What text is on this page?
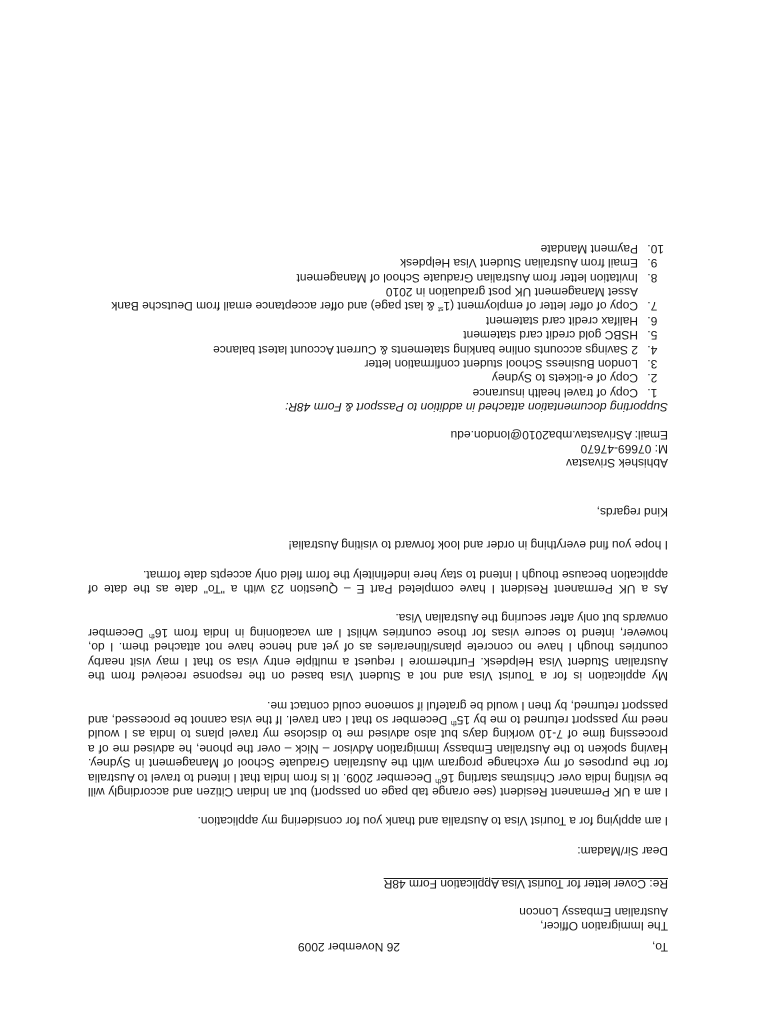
To,
26 November 2009
The Immigration Officer,
Australian Embassy Loncon
Re: Cover letter for Tourist Visa Application Form 48R
Dear Sir/Madam:
I am applying for a Tourist Visa to Australia and thank you for considering my application.
I am a UK Permanent Resident (see orange tab page on passport) but an Indian Citizen and accordingly will be visiting India over Christmas starting 16th December 2009. It is from India that I intend to travel to Australia for the purposes of my exchange program with the Australian Graduate School of Management in Sydney. Having spoken to the Australian Embassy Immigration Advisor – Nick – over the phone, he advised me of a processing time of 7-10 working days but also advised me to disclose my travel plans to India as I would need my passport returned to me by 15th December so that I can travel. If the visa cannot be processed, and passport returned, by then I would be grateful if someone could contact me.
My application is for a Tourist Visa and not a Student Visa based on the response received from the Australian Student Visa Helpdesk. Furthermore I request a multiple entry visa so that I may visit nearby countries though I have no concrete plans/itineraries as of yet and hence have not attached them. I do, however, intend to secure visas for those countries whilst I am vacationing in India from 16th December onwards but only after securing the Australian Visa.
As a UK Permanent Resident I have completed Part E – Question 23 with a "To" date as the date of application because though I intend to stay here indefinitely the form field only accepts date format.
I hope you find everything in order and look forward to visiting Australia!
Kind regards,
Abhishek Srivastav
M: 07669-47670
Email: ASrivastav.mba2010@london.edu
Supporting documentation attached in addition to Passport & Form 48R:
1. Copy of travel health insurance
2. Copy of e-tickets to Sydney
3. London Business School student confirmation letter
4. 2 Savings accounts online banking statements & Current Account latest balance
5. HSBC gold credit card statement
6. Halifax credit card statement
7. Copy of offer letter of employment (1st & last page) and offer acceptance email from Deutsche Bank Asset Management UK post graduation in 2010
8. Invitation letter from Australian Graduate School of Management
9. Email from Australian Student Visa Helpdesk
10. Payment Mandate
